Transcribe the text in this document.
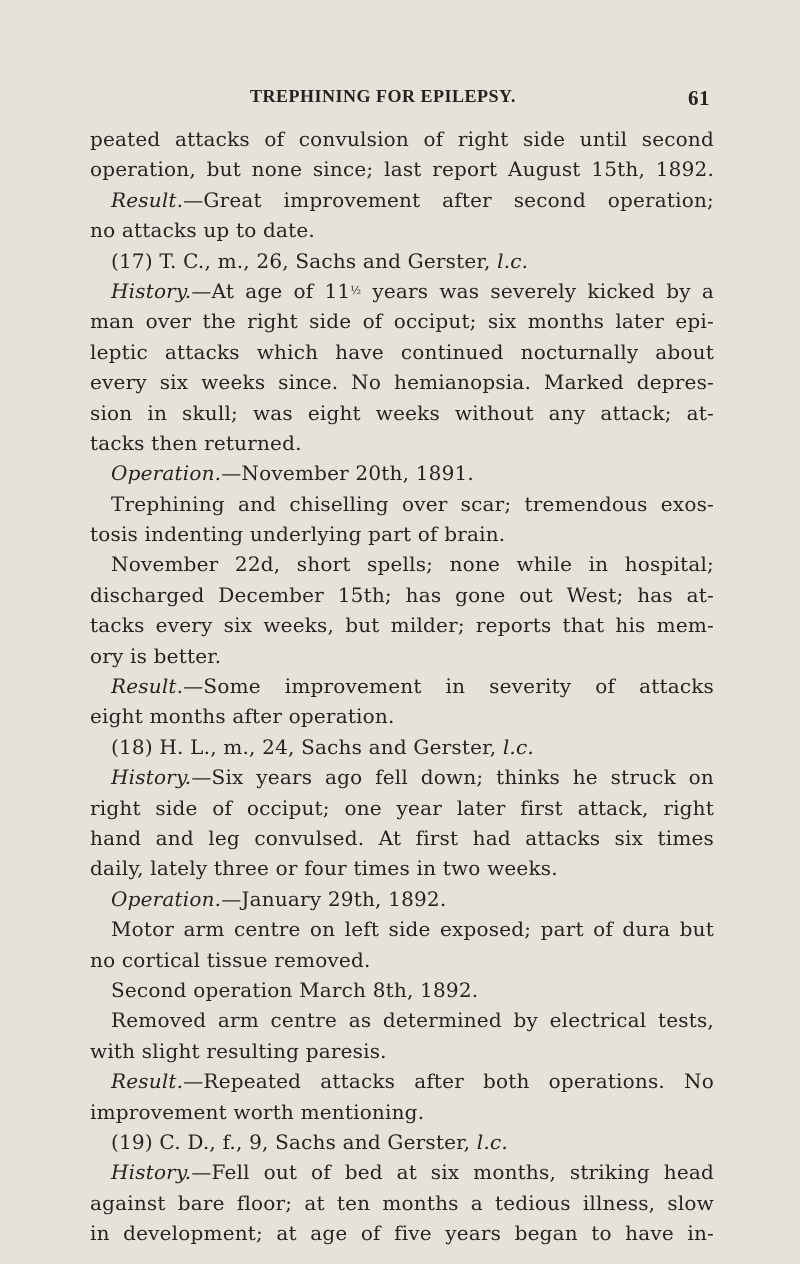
TREPHINING FOR EPILEPSY.	61
peated attacks of convulsion of right side until second
operation, but none since; last report August 15th, 1892.
Result.—Great improvement after second operation;
no attacks up to date.
(17) T. C., m., 26, Sachs and Gerster, l.c.
History.—At age of $11^{\frac{1}{2}}$ years was severely kicked by a
man over the right side of occiput; six months later epi-
leptic attacks which have continued nocturnally about
every six weeks since. No hemianopsia. Marked depres-
sion in skull; was eight weeks without any attack; at-
tacks then returned.
Operation.—November 20th, 1891.
Trephining and chiselling over scar; tremendous exos-
tosis indenting underlying part of brain.
November 22d, short spells; none while in hospital;
discharged December 15th; has gone out West; has at-
tacks every six weeks, but milder; reports that his mem-
ory is better.
Result.—Some improvement in severity of attacks
eight months after operation.
(18) H. L., m., 24, Sachs and Gerster, l.c.
History.—Six years ago fell down; thinks he struck on
right side of occiput; one year later first attack, right
hand and leg convulsed. At first had attacks six times
daily, lately three or four times in two weeks.
Operation.—January 29th, 1892.
Motor arm centre on left side exposed; part of dura but
no cortical tissue removed.
Second operation March 8th, 1892.
Removed arm centre as determined by electrical tests,
with slight resulting paresis.
Result.—Repeated attacks after both operations. No
improvement worth mentioning.
(19) C. D., f., 9, Sachs and Gerster, l.c.
History.—Fell out of bed at six months, striking head
against bare floor; at ten months a tedious illness, slow
in development; at age of five years began to have in-
